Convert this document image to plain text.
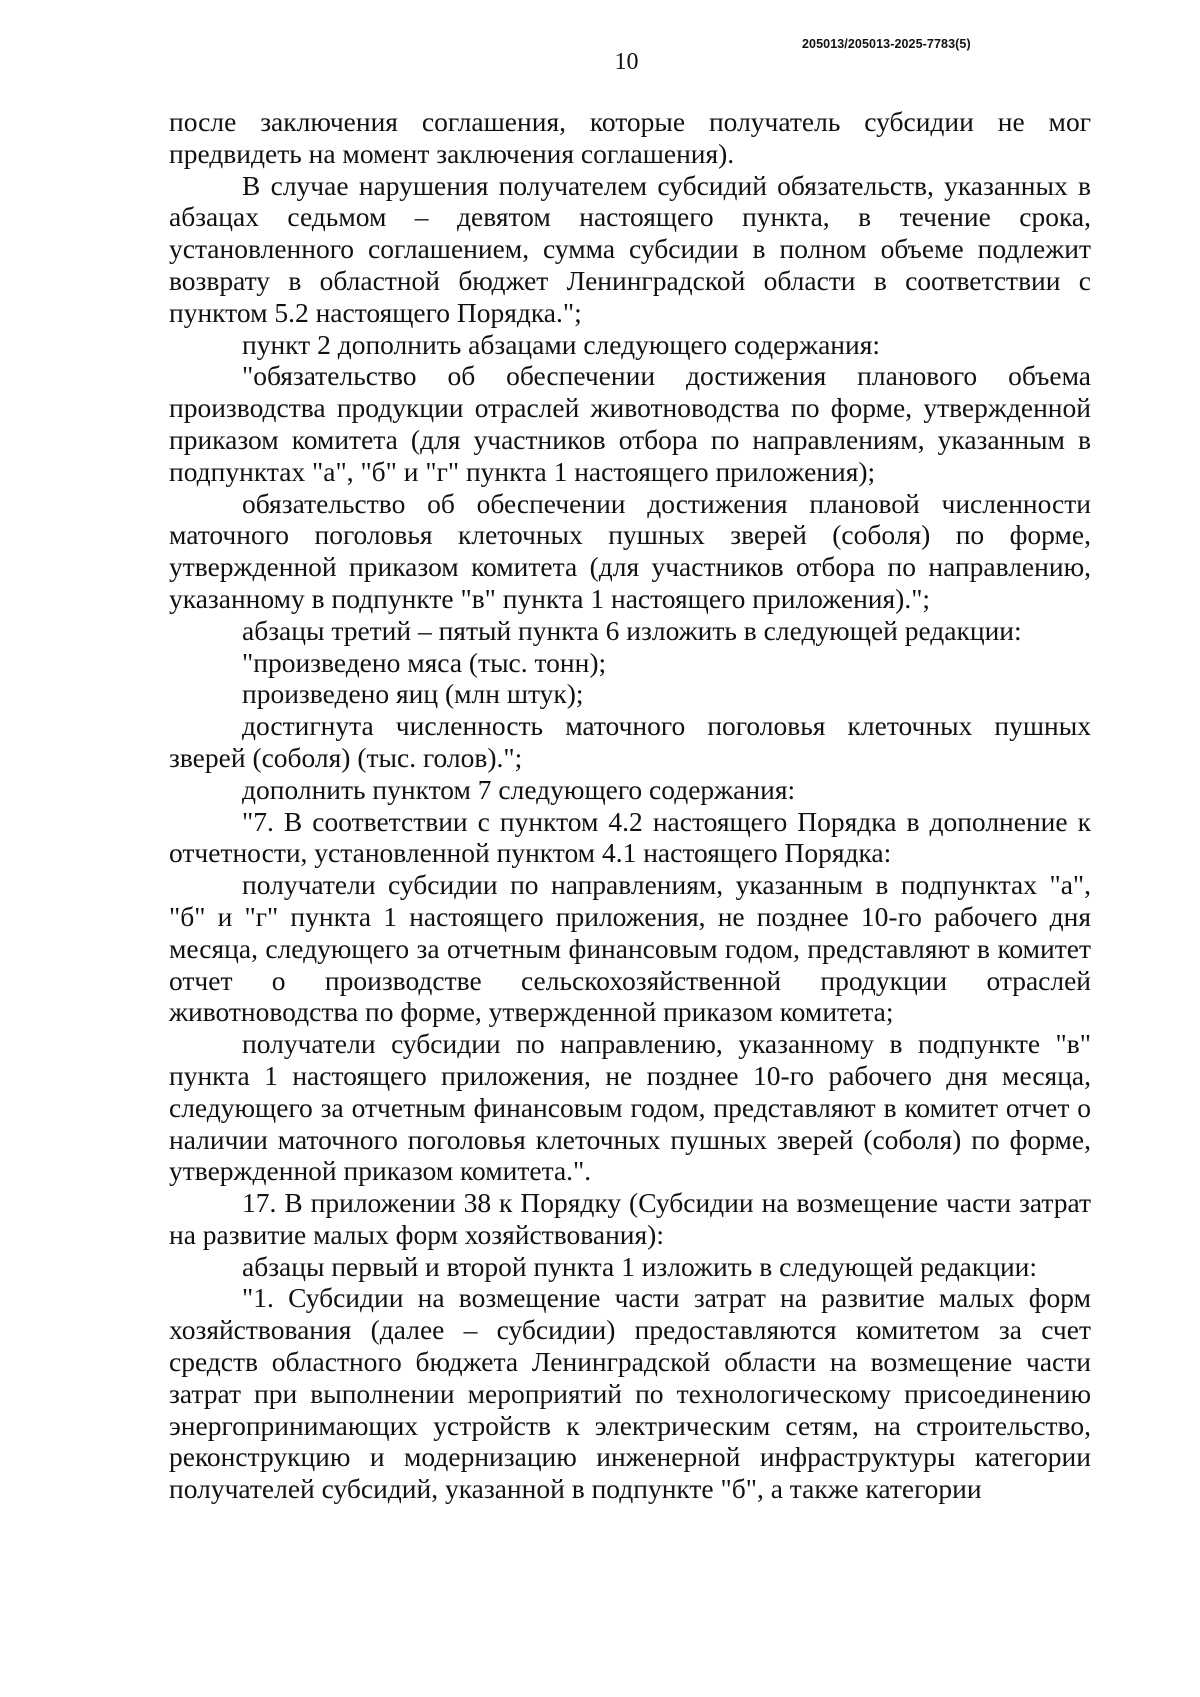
205013/205013-2025-7783(5)
10

после заключения соглашения, которые получатель субсидии не мог предвидеть на момент заключения соглашения).

В случае нарушения получателем субсидий обязательств, указанных в абзацах седьмом – девятом настоящего пункта, в течение срока, установленного соглашением, сумма субсидии в полном объеме подлежит возврату в областной бюджет Ленинградской области в соответствии с пунктом 5.2 настоящего Порядка.";

пункт 2 дополнить абзацами следующего содержания:

"обязательство об обеспечении достижения планового объема производства продукции отраслей животноводства по форме, утвержденной приказом комитета (для участников отбора по направлениям, указанным в подпунктах "а", "б" и "г" пункта 1 настоящего приложения);

обязательство об обеспечении достижения плановой численности маточного поголовья клеточных пушных зверей (соболя) по форме, утвержденной приказом комитета (для участников отбора по направлению, указанному в подпункте "в" пункта 1 настоящего приложения).";

абзацы третий – пятый пункта 6 изложить в следующей редакции:

"произведено мяса (тыс. тонн);

произведено яиц (млн штук);

достигнута численность маточного поголовья клеточных пушных зверей (соболя) (тыс. голов).";

дополнить пунктом 7 следующего содержания:

"7. В соответствии с пунктом 4.2 настоящего Порядка в дополнение к отчетности, установленной пунктом 4.1 настоящего Порядка:

получатели субсидии по направлениям, указанным в подпунктах "а", "б" и "г" пункта 1 настоящего приложения, не позднее 10-го рабочего дня месяца, следующего за отчетным финансовым годом, представляют в комитет отчет о производстве сельскохозяйственной продукции отраслей животноводства по форме, утвержденной приказом комитета;

получатели субсидии по направлению, указанному в подпункте "в" пункта 1 настоящего приложения, не позднее 10-го рабочего дня месяца, следующего за отчетным финансовым годом, представляют в комитет отчет о наличии маточного поголовья клеточных пушных зверей (соболя) по форме, утвержденной приказом комитета.".

17. В приложении 38 к Порядку (Субсидии на возмещение части затрат на развитие малых форм хозяйствования):

абзацы первый и второй пункта 1 изложить в следующей редакции:

"1. Субсидии на возмещение части затрат на развитие малых форм хозяйствования (далее – субсидии) предоставляются комитетом за счет средств областного бюджета Ленинградской области на возмещение части затрат при выполнении мероприятий по технологическому присоединению энергопринимающих устройств к электрическим сетям, на строительство, реконструкцию и модернизацию инженерной инфраструктуры категории получателей субсидий, указанной в подпункте "б", а также категории
